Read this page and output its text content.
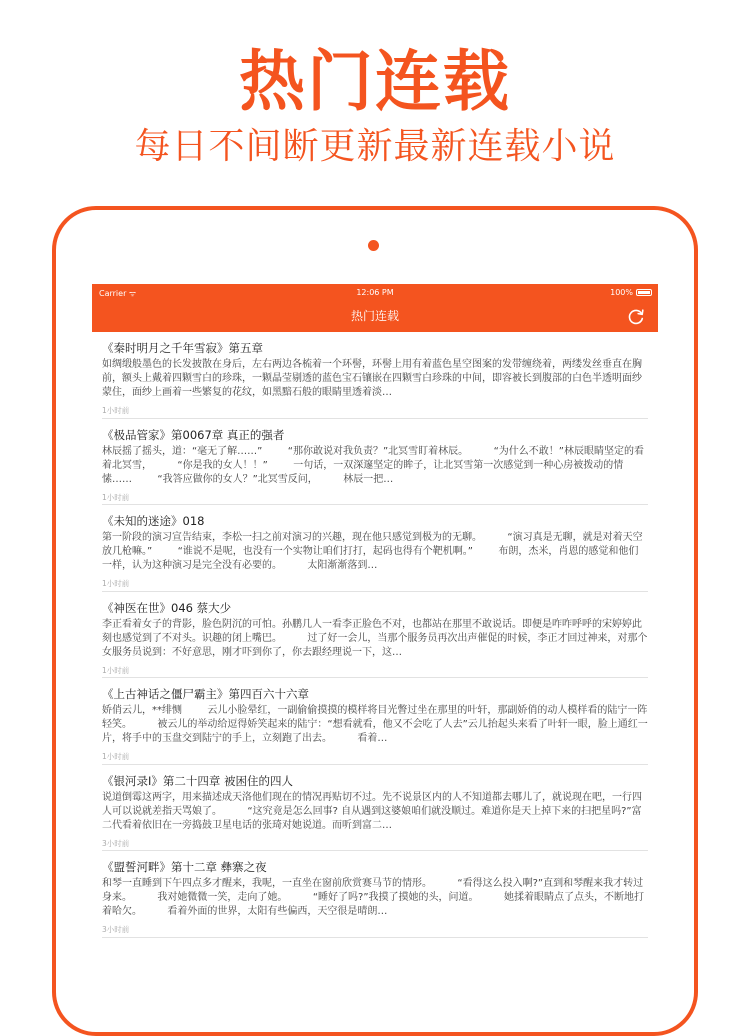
热门连载
每日不间断更新最新连载小说
Carrier ᯤ	12:06 PM	100%
热门连载
《秦时明月之千年雪寂》第五章
如绸缎般墨色的长发披散在身后，左右两边各梳着一个环髻，环髻上用有着蓝色星空图案的发带缠绕着，两缕发丝垂直在胸前，额头上戴着四颗雪白的珍珠，一颗晶莹剔透的蓝色宝石镶嵌在四颗雪白珍珠的中间，即容被长到腹部的白色半透明面纱蒙住，面纱上画着一些繁复的花纹，如黑黯石般的眼睛里透着淡…
1小时前
《极品管家》第0067章 真正的强者
林辰摇了摇头，道：“毫无了解……”        “那你敢说对我负责？”北冥雪盯着林辰。        “为什么不敢！”林辰眼睛坚定的看着北冥雪，        “你是我的女人！！”        一句话，一双深邃坚定的眸子，让北冥雪第一次感觉到一种心房被拨动的情愫……        “我答应做你的女人？”北冥雪反问，        林辰一把…
1小时前
《未知的迷途》018
第一阶段的演习宣告结束，李松一扫之前对演习的兴趣，现在他只感觉到极为的无聊。        “演习真是无聊，就是对着天空放几枪嘛。”        “谁说不是呢，也没有一个实物让咱们打打，起码也得有个靶机啊。”        布朗，杰米，肖恩的感觉和他们一样，认为这种演习是完全没有必要的。        太阳渐渐落到…
1小时前
《神医在世》046 蔡大少
李正看着女子的背影，脸色阴沉的可怕。孙鹏几人一看李正脸色不对，也都站在那里不敢说话。即便是咋咋呼呼的宋婷婷此刻也感觉到了不对头。识趣的闭上嘴巴。        过了好一会儿，当那个服务员再次出声催促的时候，李正才回过神来，对那个女服务员说到：不好意思，刚才吓到你了，你去跟经理说一下，这…
1小时前
《上古神话之僵尸霸主》第四百六十六章
娇俏云儿，**绯恻        云儿小脸晕红，一副偷偷摸摸的模样将目光瞥过坐在那里的叶轩，那副娇俏的动人模样看的陆宁一阵轻笑。        被云儿的举动给逗得娇笑起来的陆宁：“想看就看，他又不会吃了人去”云儿抬起头来看了叶轩一眼，脸上通红一片，将手中的玉盘交到陆宁的手上，立刻跑了出去。        看着…
1小时前
《银河录I》第二十四章 被困住的四人
说道倒霉这两字，用来描述成天洛他们现在的情况再贴切不过。先不说景区内的人不知道都去哪儿了，就说现在吧，一行四人可以说就差指天骂娘了。        “这究竟是怎么回事? 自从遇到这婆娘咱们就没顺过。难道你是天上掉下来的扫把星吗?”富二代看着依旧在一旁捣鼓卫星电话的张琦对她说道。而听到富二…
3小时前
《盟誓河畔》第十二章 彝寨之夜
和琴一直睡到下午四点多才醒来，我呢，一直坐在窗前欣赏赛马节的情形。        “看得这么投入啊?”直到和琴醒来我才转过身来。        我对她微微一笑，走向了她。        “睡好了吗?”我摸了摸她的头，问道。        她揉着眼睛点了点头，不断地打着哈欠。        看着外面的世界，太阳有些偏西，天空很是晴朗…
3小时前
